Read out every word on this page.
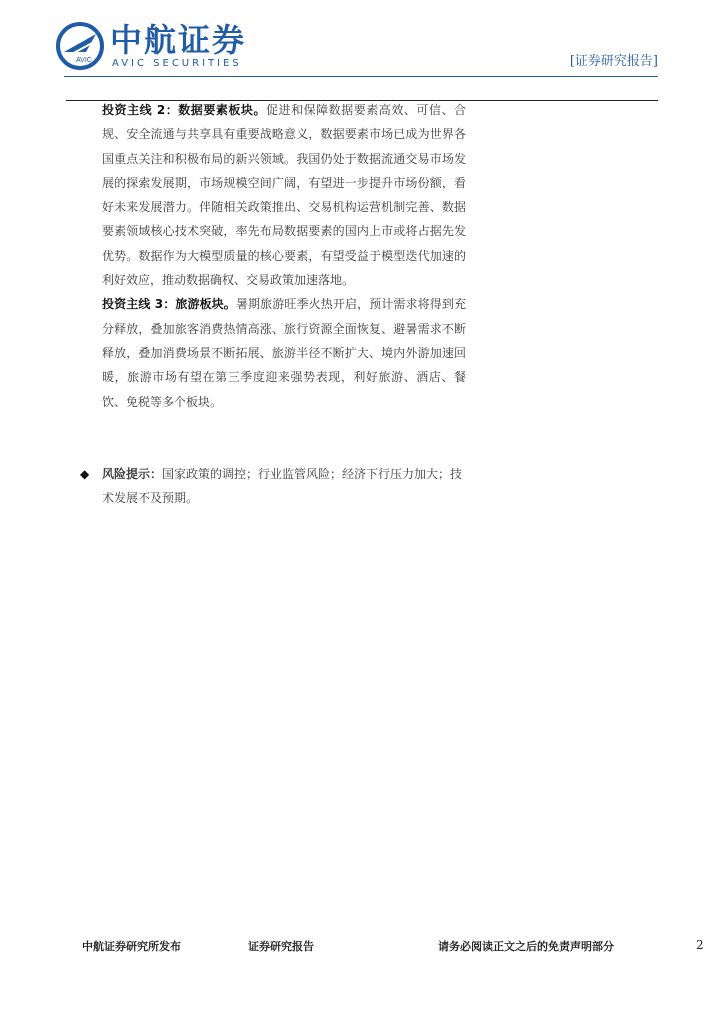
AVIC
中航证券
AVIC SECURITIES	[证券研究报告]

投资主线 2：数据要素板块。促进和保障数据要素高效、可信、合规、安全流通与共享具有重要战略意义，数据要素市场已成为世界各国重点关注和积极布局的新兴领域。我国仍处于数据流通交易市场发展的探索发展期，市场规模空间广阔，有望进一步提升市场份额，看好未来发展潜力。伴随相关政策推出、交易机构运营机制完善、数据要素领域核心技术突破，率先布局数据要素的国内上市或将占据先发优势。数据作为大模型质量的核心要素，有望受益于模型迭代加速的利好效应，推动数据确权、交易政策加速落地。

投资主线 3：旅游板块。暑期旅游旺季火热开启，预计需求将得到充分释放，叠加旅客消费热情高涨、旅行资源全面恢复、避暑需求不断释放，叠加消费场景不断拓展、旅游半径不断扩大、境内外游加速回暖，旅游市场有望在第三季度迎来强势表现，利好旅游、酒店、餐饮、免税等多个板块。

◆ 风险提示：国家政策的调控；行业监管风险；经济下行压力加大；技
术发展不及预期。
中航证券研究所发布	证券研究报告	请务必阅读正文之后的免责声明部分	2
